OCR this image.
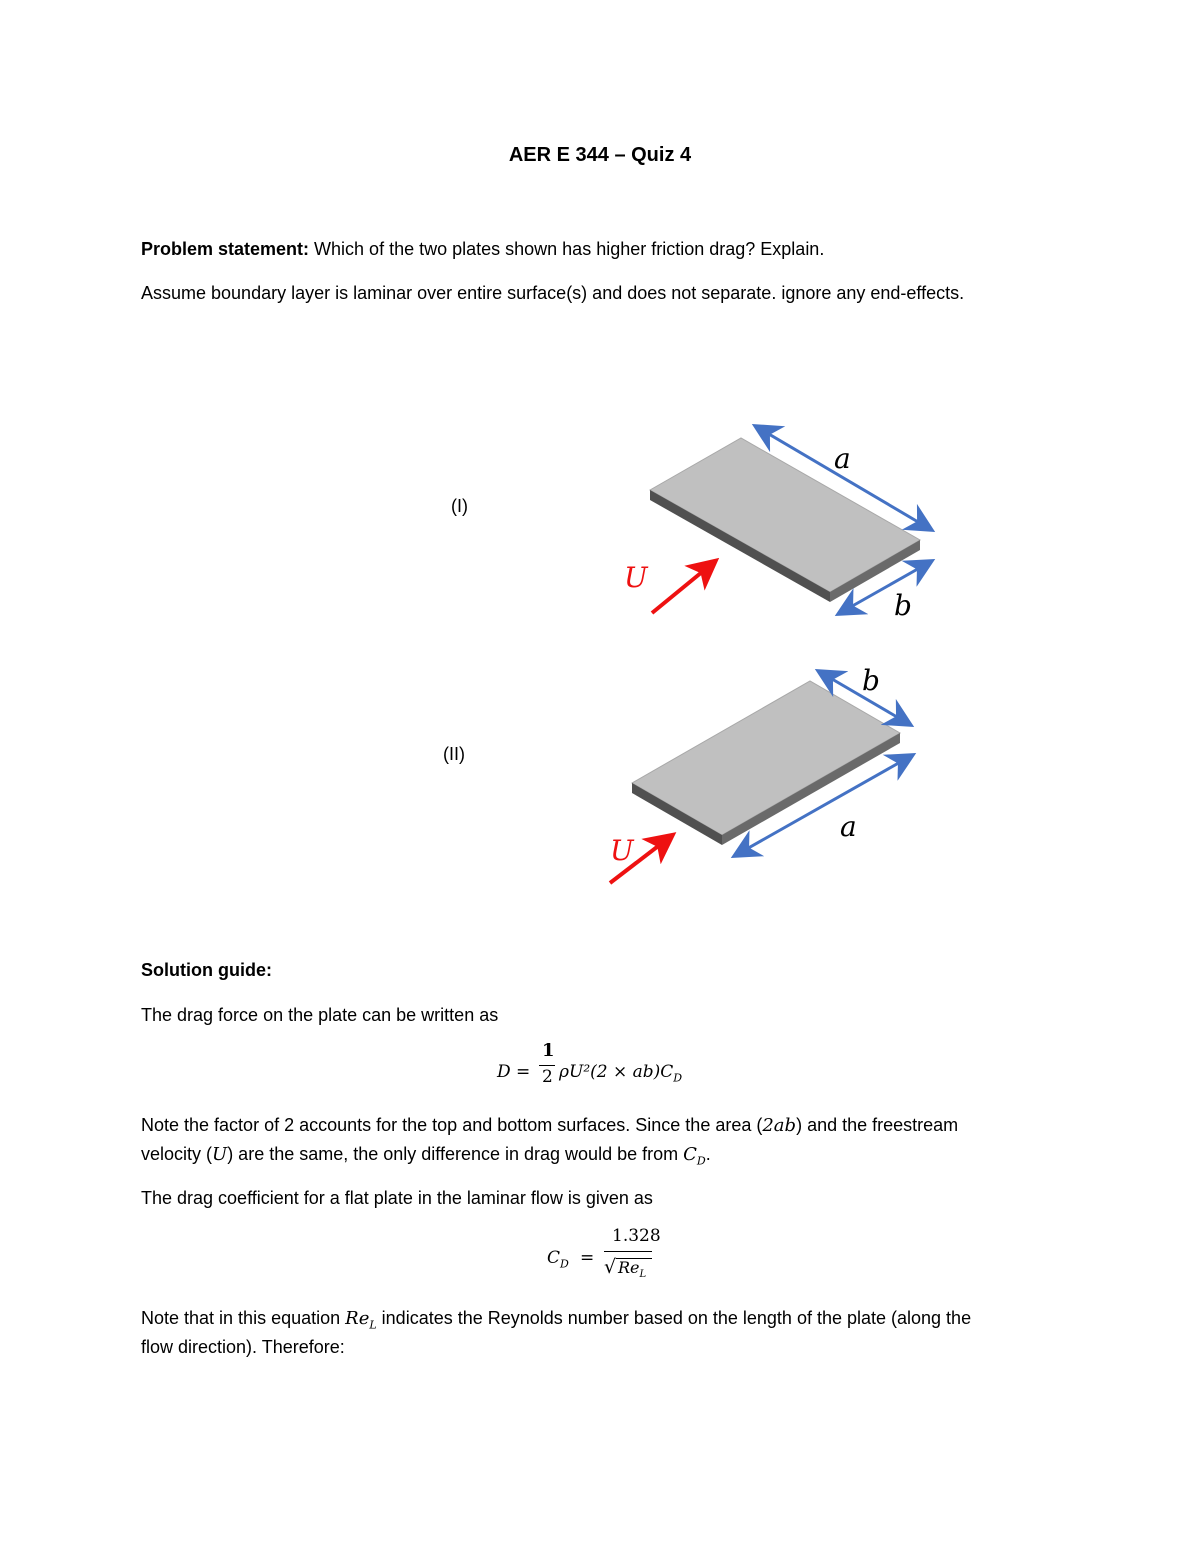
AER E 344 – Quiz 4
Problem statement: Which of the two plates shown has higher friction drag? Explain.
Assume boundary layer is laminar over entire surface(s) and does not separate. ignore any end-effects.
(I)
(II)
a
b
U
b
a
U
Solution guide:
The drag force on the plate can be written as
D =
1
2 $\rho U^2(2 \times ab)C_D$
Note the factor of 2 accounts for the top and bottom surfaces. Since the area (2ab) and the freestream
velocity (U) are the same, the only difference in drag would be from $C_D$.
The drag coefficient for a flat plate in the laminar flow is given as
$C_D$ =
1.328
√ $Re_L$
Note that in this equation $Re_L$ indicates the Reynolds number based on the length of the plate (along the
flow direction). Therefore:
